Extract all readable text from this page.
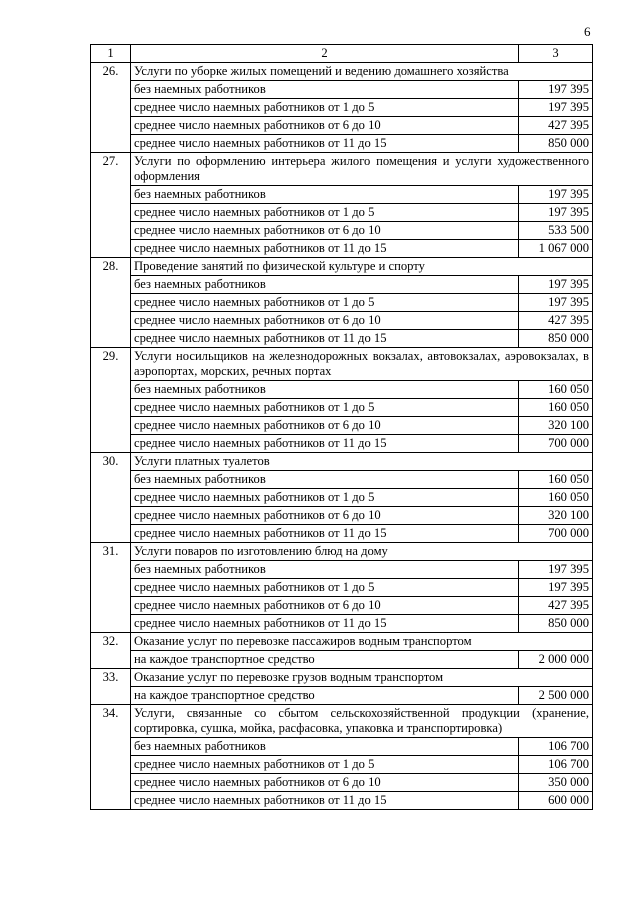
6
1	2	3
26.	Услуги по уборке жилых помещений и ведению домашнего хозяйства	
	без наемных работников	197 395
	среднее число наемных работников от 1 до 5	197 395
	среднее число наемных работников от 6 до 10	427 395
	среднее число наемных работников от 11 до 15	850 000
27.	Услуги по оформлению интерьера жилого помещения и услуги художественного оформления	
	без наемных работников	197 395
	среднее число наемных работников от 1 до 5	197 395
	среднее число наемных работников от 6 до 10	533 500
	среднее число наемных работников от 11 до 15	1 067 000
28.	Проведение занятий по физической культуре и спорту	
	без наемных работников	197 395
	среднее число наемных работников от 1 до 5	197 395
	среднее число наемных работников от 6 до 10	427 395
	среднее число наемных работников от 11 до 15	850 000
29.	Услуги носильщиков на железнодорожных вокзалах, автовокзалах, аэровокзалах, в аэропортах, морских, речных портах	
	без наемных работников	160 050
	среднее число наемных работников от 1 до 5	160 050
	среднее число наемных работников от 6 до 10	320 100
	среднее число наемных работников от 11 до 15	700 000
30.	Услуги платных туалетов	
	без наемных работников	160 050
	среднее число наемных работников от 1 до 5	160 050
	среднее число наемных работников от 6 до 10	320 100
	среднее число наемных работников от 11 до 15	700 000
31.	Услуги поваров по изготовлению блюд на дому	
	без наемных работников	197 395
	среднее число наемных работников от 1 до 5	197 395
	среднее число наемных работников от 6 до 10	427 395
	среднее число наемных работников от 11 до 15	850 000
32.	Оказание услуг по перевозке пассажиров водным транспортом	
	на каждое транспортное средство	2 000 000
33.	Оказание услуг по перевозке грузов водным транспортом	
	на каждое транспортное средство	2 500 000
34.	Услуги, связанные со сбытом сельскохозяйственной продукции (хранение, сортировка, сушка, мойка, расфасовка, упаковка и транспортировка)	
	без наемных работников	106 700
	среднее число наемных работников от 1 до 5	106 700
	среднее число наемных работников от 6 до 10	350 000
	среднее число наемных работников от 11 до 15	600 000
